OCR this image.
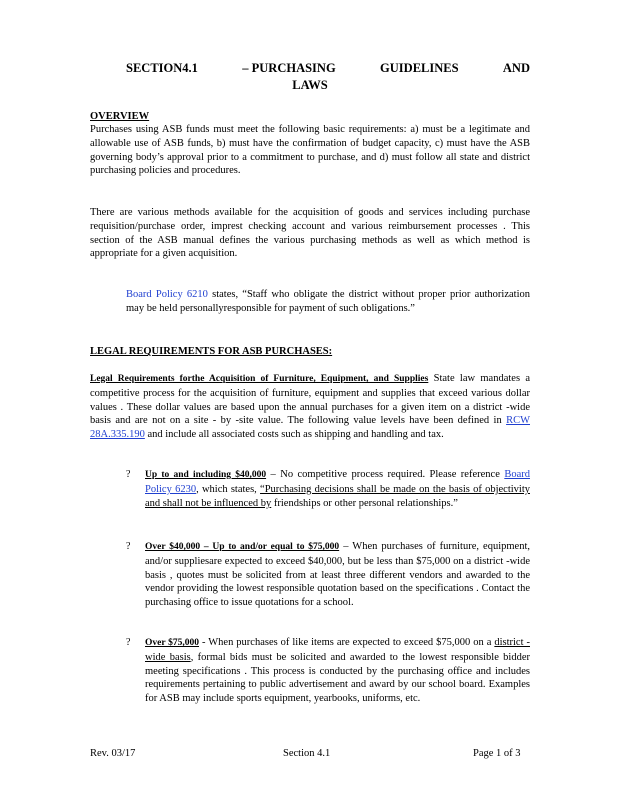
SECTION4.1	– PURCHASING	GUIDELINES	AND
LAWS
OVERVIEW
Purchases using ASB funds must meet the following basic requirements: a) must be a legitimate and allowable use of ASB funds, b) must have the confirmation of budget capacity, c) must have the ASB governing body’s approval prior to a commitment to purchase, and d) must follow all state and district purchasing policies and procedures.
There are various methods available for the acquisition of goods and services including purchase requisition/purchase order, imprest checking account and various reimbursement processes . This section of the ASB manual defines the various purchasing methods as well as which method is appropriate for a given acquisition.
Board Policy 6210 states, “Staff who obligate the district without proper prior authorization may be held personallyresponsible for payment of such obligations.”
LEGAL REQUIREMENTS FOR ASB PURCHASES:
Legal Requirements forthe Acquisition of Furniture, Equipment, and Supplies State law mandates a competitive process for the acquisition of furniture, equipment and supplies that exceed various dollar values . These dollar values are based upon the annual purchases for a given item on a district -wide basis and are not on a site - by -site value. The following value levels have been defined in RCW 28A.335.190 and include all associated costs such as shipping and handling and tax.
? Up to and including $40,000 – No competitive process required. Please reference Board Policy 6230, which states, “Purchasing decisions shall be made on the basis of objectivity and shall not be influenced by friendships or other personal relationships.”
? Over $40,000 – Up to and/or equal to $75,000 – When purchases of furniture, equipment, and/or suppliesare expected to exceed $40,000, but be less than $75,000 on a district -wide basis , quotes must be solicited from at least three different vendors and awarded to the vendor providing the lowest responsible quotation based on the specifications . Contact the purchasing office to issue quotations for a school.
? Over $75,000 - When purchases of like items are expected to exceed $75,000 on a district -wide basis, formal bids must be solicited and awarded to the lowest responsible bidder meeting specifications . This process is conducted by the purchasing office and includes requirements pertaining to public advertisement and award by our school board. Examples for ASB may include sports equipment, yearbooks, uniforms, etc.
Rev. 03/17	Section 4.1	Page 1 of 3
